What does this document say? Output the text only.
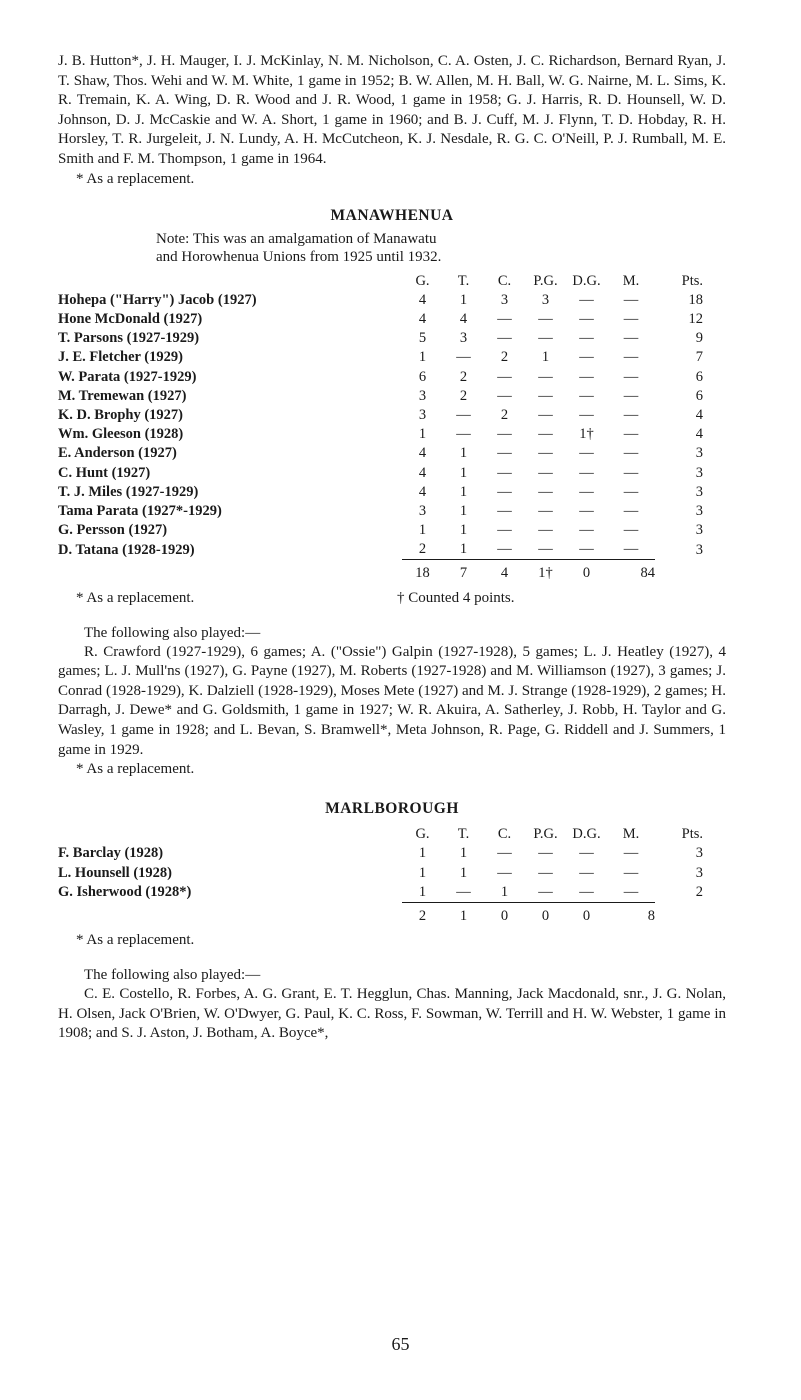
J. B. Hutton*, J. H. Mauger, I. J. McKinlay, N. M. Nicholson, C. A. Osten, J. C. Richardson, Bernard Ryan, J. T. Shaw, Thos. Wehi and W. M. White, 1 game in 1952; B. W. Allen, M. H. Ball, W. G. Nairne, M. L. Sims, K. R. Tremain, K. A. Wing, D. R. Wood and J. R. Wood, 1 game in 1958; G. J. Harris, R. D. Hounsell, W. D. Johnson, D. J. McCaskie and W. A. Short, 1 game in 1960; and B. J. Cuff, M. J. Flynn, T. D. Hobday, R. H. Horsley, T. R. Jurgeleit, J. N. Lundy, A. H. McCutcheon, K. J. Nesdale, R. G. C. O'Neill, P. J. Rumball, M. E. Smith and F. M. Thompson, 1 game in 1964.

* As a replacement.

MANAWHENUA
Note: This was an amalgamation of Manawatu
and Horowhenua Unions from 1925 until 1932.
	G.	T.	C.	P.G.	D.G.	M.	Pts.
Hohepa ("Harry") Jacob (1927)	4	1	3	3	—	—	18
Hone McDonald (1927)	4	4	—	—	—	—	12
T. Parsons (1927-1929)	5	3	—	—	—	—	9
J. E. Fletcher (1929)	1	—	2	1	—	—	7
W. Parata (1927-1929)	6	2	—	—	—	—	6
M. Tremewan (1927)	3	2	—	—	—	—	6
K. D. Brophy (1927)	3	—	2	—	—	—	4
Wm. Gleeson (1928)	1	—	—	—	1†	—	4
E. Anderson (1927)	4	1	—	—	—	—	3
C. Hunt (1927)	4	1	—	—	—	—	3
T. J. Miles (1927-1929)	4	1	—	—	—	—	3
Tama Parata (1927*-1929)	3	1	—	—	—	—	3
G. Persson (1927)	1	1	—	—	—	—	3
D. Tatana (1928-1929)	2	1	—	—	—	—	3
	18	7	4	1†	0	84	
* As a replacement.	† Counted 4 points.

The following also played:—

R. Crawford (1927-1929), 6 games; A. ("Ossie") Galpin (1927-1928), 5 games; L. J. Heatley (1927), 4 games; L. J. Mull'ns (1927), G. Payne (1927), M. Roberts (1927-1928) and M. Williamson (1927), 3 games; J. Conrad (1928-1929), K. Dalziell (1928-1929), Moses Mete (1927) and M. J. Strange (1928-1929), 2 games; H. Darragh, J. Dewe* and G. Goldsmith, 1 game in 1927; W. R. Akuira, A. Satherley, J. Robb, H. Taylor and G. Wasley, 1 game in 1928; and L. Bevan, S. Bramwell*, Meta Johnson, R. Page, G. Riddell and J. Summers, 1 game in 1929.

* As a replacement.

MARLBOROUGH
	G.	T.	C.	P.G.	D.G.	M.	Pts.
F. Barclay (1928)	1	1	—	—	—	—	3
L. Hounsell (1928)	1	1	—	—	—	—	3
G. Isherwood (1928*)	1	—	1	—	—	—	2
	2	1	0	0	0	8	
* As a replacement.

The following also played:—

C. E. Costello, R. Forbes, A. G. Grant, E. T. Hegglun, Chas. Manning, Jack Macdonald, snr., J. G. Nolan, H. Olsen, Jack O'Brien, W. O'Dwyer, G. Paul, K. C. Ross, F. Sowman, W. Terrill and H. W. Webster, 1 game in 1908; and S. J. Aston, J. Botham, A. Boyce*,

65
